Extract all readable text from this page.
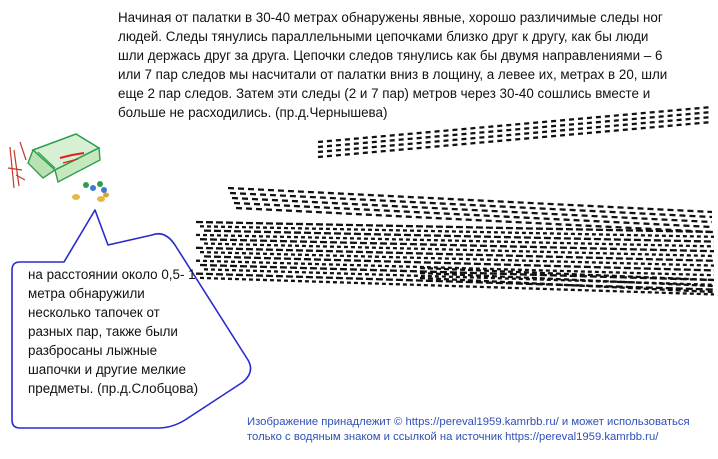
Начиная от палатки в 30-40 метрах обнаружены явные, хорошо различимые следы ног людей. Следы тянулись параллельными цепочками близко друг к другу, как бы люди шли держась друг за друга. Цепочки следов тянулись как бы двумя направлениями – 6 или 7 пар следов мы насчитали от палатки вниз в лощину, а левее их, метрах в 20, шли еще 2 пар следов. Затем эти следы (2 и 7 пар) метров через 30-40 сошлись вместе и больше не расходились. (пр.д.Чернышева)

на расстоянии около 0,5- 1 метра обнаружили несколько тапочек от разных пар, также были разбросаны лыжные шапочки и другие мелкие предметы. (пр.д.Слобцова)

Изображение принадлежит © https://pereval1959.kamrbb.ru/ и может использоваться

только с водяным знаком и ссылкой на источник https://pereval1959.kamrbb.ru/
